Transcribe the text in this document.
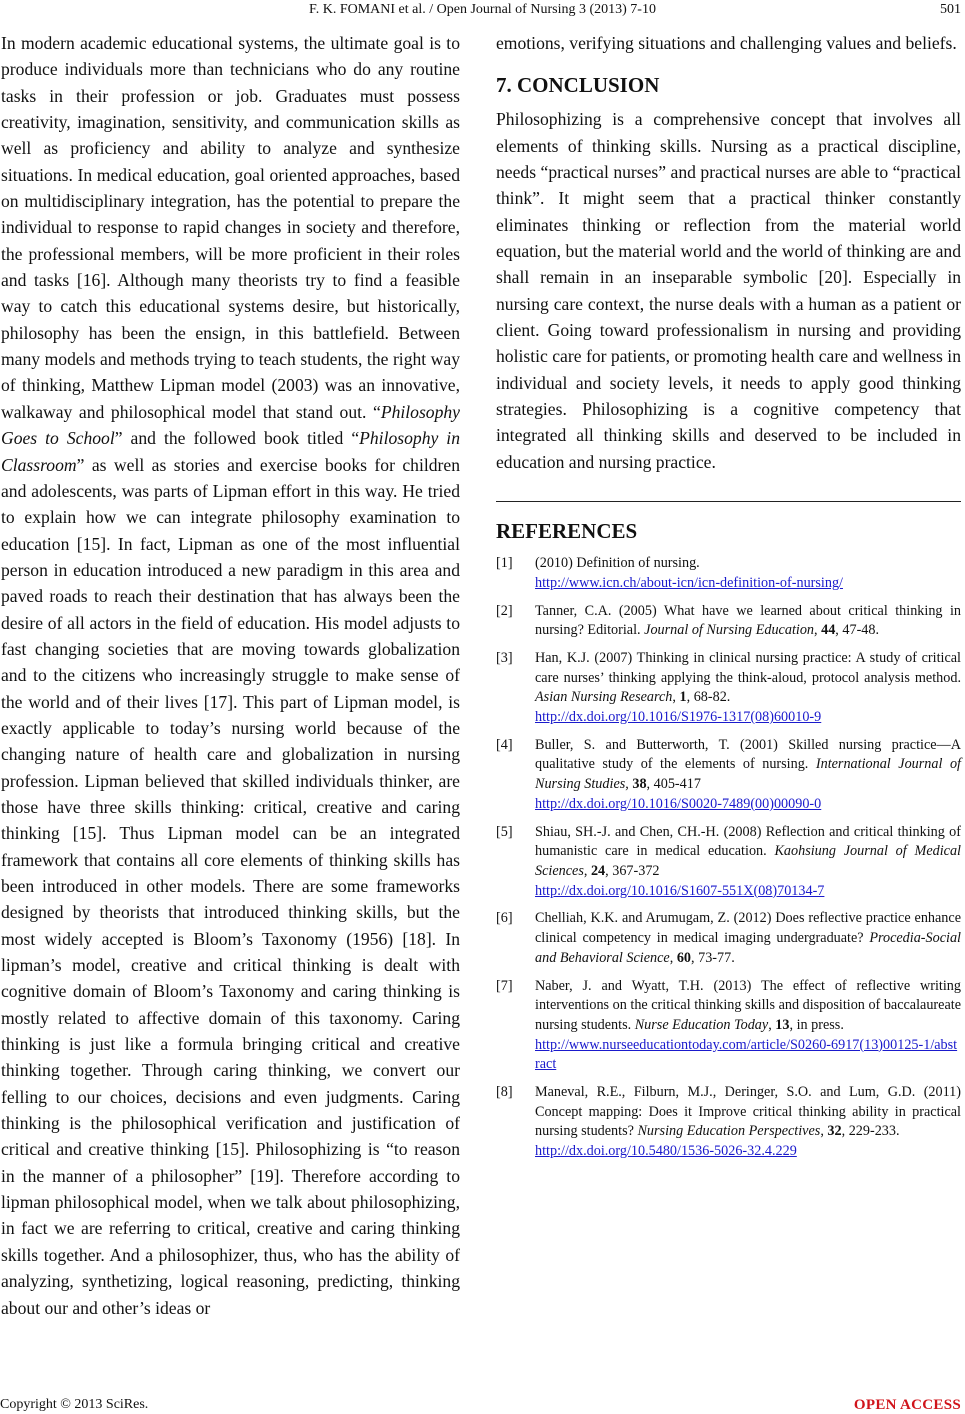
F. K. FOMANI et al. / Open Journal of Nursing 3 (2013) 7-10	501

In modern academic educational systems, the ultimate goal is to produce individuals more than technicians who do any routine tasks in their profession or job. Graduates must possess creativity, imagination, sensitivity, and communication skills as well as proficiency and ability to analyze and synthesize situations. In medical education, goal oriented approaches, based on multidisciplinary integration, has the potential to prepare the individual to response to rapid changes in society and therefore, the professional members, will be more proficient in their roles and tasks [16]. Although many theorists try to find a feasible way to catch this educational systems desire, but historically, philosophy has been the ensign, in this battlefield. Between many models and methods trying to teach students, the right way of thinking, Matthew Lipman model (2003) was an innovative, walkaway and philosophical model that stand out. “Philosophy Goes to School” and the followed book titled “Philosophy in Classroom” as well as stories and exercise books for children and adolescents, was parts of Lipman effort in this way. He tried to explain how we can integrate philosophy examination to education [15]. In fact, Lipman as one of the most influential person in education introduced a new paradigm in this area and paved roads to reach their destination that has always been the desire of all actors in the field of education. His model adjusts to fast changing societies that are moving towards globalization and to the citizens who increasingly struggle to make sense of the world and of their lives [17]. This part of Lipman model, is exactly applicable to today’s nursing world because of the changing nature of health care and globalization in nursing profession. Lipman believed that skilled individuals thinker, are those have three skills thinking: critical, creative and caring thinking [15]. Thus Lipman model can be an integrated framework that contains all core elements of thinking skills has been introduced in other models. There are some frameworks designed by theorists that introduced thinking skills, but the most widely accepted is Bloom’s Taxonomy (1956) [18]. In lipman’s model, creative and critical thinking is dealt with cognitive domain of Bloom’s Taxonomy and caring thinking is mostly related to affective domain of this taxonomy. Caring thinking is just like a formula bringing critical and creative thinking together. Through caring thinking, we convert our felling to our choices, decisions and even judgments. Caring thinking is the philosophical verification and justification of critical and creative thinking [15]. Philosophizing is “to reason in the manner of a philosopher” [19]. Therefore according to lipman philosophical model, when we talk about philosophizing, in fact we are referring to critical, creative and caring thinking skills together. And a philosophizer, thus, who has the ability of analyzing, synthetizing, logical reasoning, predicting, thinking about our and other’s ideas or

emotions, verifying situations and challenging values and beliefs.

7. CONCLUSION

Philosophizing is a comprehensive concept that involves all elements of thinking skills. Nursing as a practical discipline, needs “practical nurses” and practical nurses are able to “practical think”. It might seem that a practical thinker constantly eliminates thinking or reflection from the material world equation, but the material world and the world of thinking are and shall remain in an inseparable symbolic [20]. Especially in nursing care context, the nurse deals with a human as a patient or client. Going toward professionalism in nursing and providing holistic care for patients, or promoting health care and wellness in individual and society levels, it needs to apply good thinking strategies. Philosophizing is a cognitive competency that integrated all thinking skills and deserved to be included in education and nursing practice.

REFERENCES
[1]	(2010) Definition of nursing.
http://www.icn.ch/about-icn/icn-definition-of-nursing/
[2]	Tanner, C.A. (2005) What have we learned about critical thinking in nursing? Editorial. Journal of Nursing Education, 44, 47-48.
[3]	Han, K.J. (2007) Thinking in clinical nursing practice: A study of critical care nurses’ thinking applying the think-aloud, protocol analysis method. Asian Nursing Research, 1, 68-82.
http://dx.doi.org/10.1016/S1976-1317(08)60010-9
[4]	Buller, S. and Butterworth, T. (2001) Skilled nursing practice—A qualitative study of the elements of nursing. International Journal of Nursing Studies, 38, 405-417
http://dx.doi.org/10.1016/S0020-7489(00)00090-0
[5]	Shiau, SH.-J. and Chen, CH.-H. (2008) Reflection and critical thinking of humanistic care in medical education. Kaohsiung Journal of Medical Sciences, 24, 367-372
http://dx.doi.org/10.1016/S1607-551X(08)70134-7
[6]	Chelliah, K.K. and Arumugam, Z. (2012) Does reflective practice enhance clinical competency in medical imaging undergraduate? Procedia-Social and Behavioral Science, 60, 73-77.
[7]	Naber, J. and Wyatt, T.H. (2013) The effect of reflective writing interventions on the critical thinking skills and disposition of baccalaureate nursing students. Nurse Education Today, 13, in press.
http://www.nurseeducationtoday.com/article/S0260-6917(13)00125-1/abstract
[8]	Maneval, R.E., Filburn, M.J., Deringer, S.O. and Lum, G.D. (2011) Concept mapping: Does it Improve critical thinking ability in practical nursing students? Nursing Education Perspectives, 32, 229-233.
http://dx.doi.org/10.5480/1536-5026-32.4.229
Copyright © 2013 SciRes.	OPEN ACCESS
